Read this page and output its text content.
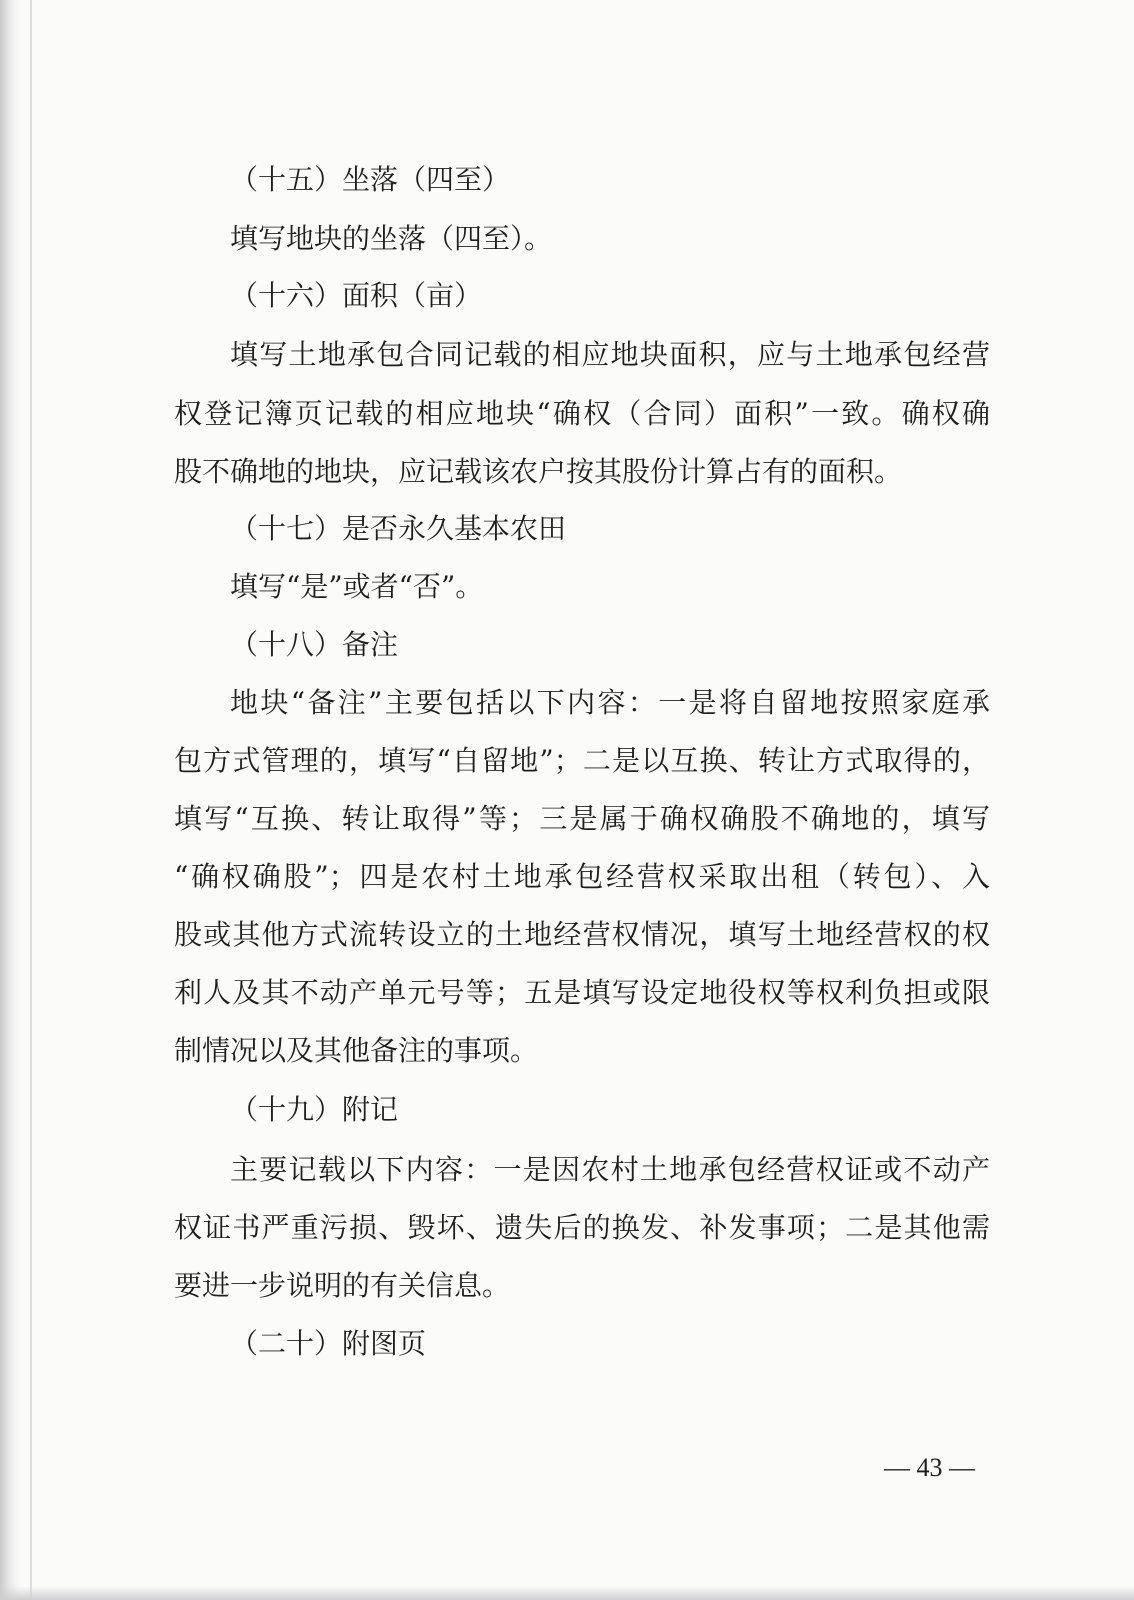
（十五）坐落（四至）
填写地块的坐落（四至）。
（十六）面积（亩）
填写土地承包合同记载的相应地块面积，应与土地承包经营
权登记簿页记载的相应地块“确权（合同）面积”一致。确权确
股不确地的地块，应记载该农户按其股份计算占有的面积。
（十七）是否永久基本农田
填写“是”或者“否”。
（十八）备注
地块“备注”主要包括以下内容：一是将自留地按照家庭承
包方式管理的，填写“自留地”；二是以互换、转让方式取得的，
填写“互换、转让取得”等；三是属于确权确股不确地的，填写
“确权确股”；四是农村土地承包经营权采取出租（转包）、入
股或其他方式流转设立的土地经营权情况，填写土地经营权的权
利人及其不动产单元号等；五是填写设定地役权等权利负担或限
制情况以及其他备注的事项。
（十九）附记
主要记载以下内容：一是因农村土地承包经营权证或不动产
权证书严重污损、毁坏、遗失后的换发、补发事项；二是其他需
要进一步说明的有关信息。
（二十）附图页
— 43 —
